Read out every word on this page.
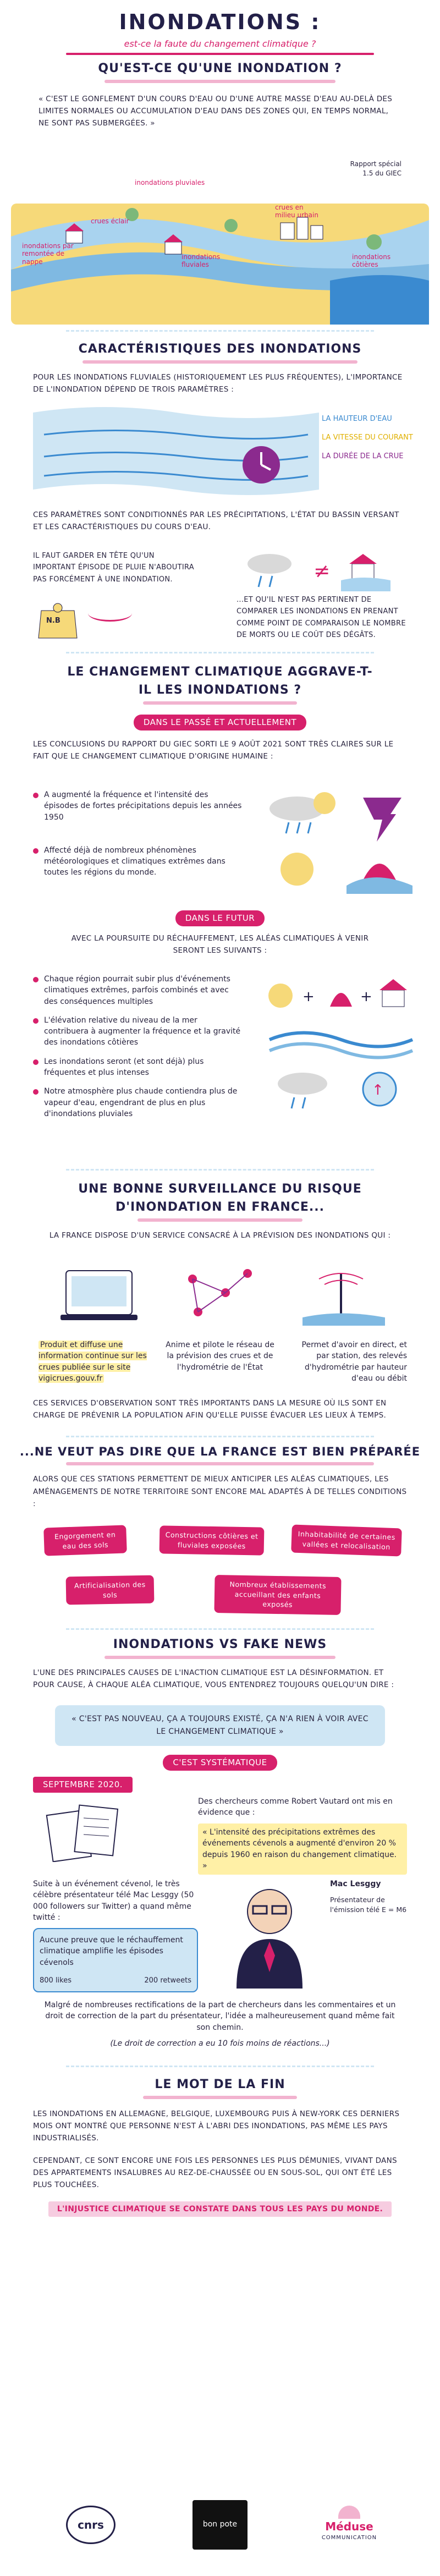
INONDATIONS :
est-ce la faute du changement climatique ?
QU'EST-CE QU'UNE INONDATION ?
« C'EST LE GONFLEMENT D'UN COURS D'EAU OU D'UNE AUTRE MASSE D'EAU AU-DELÀ DES LIMITES NORMALES OU ACCUMULATION D'EAU DANS DES ZONES QUI, EN TEMPS NORMAL, NE SONT PAS SUBMERGÉES. »
Rapport spécial 1.5 du GIEC
inondations pluviales
crues éclair
crues en milieu urbain
inondations par remontée de nappe
inondations fluviales
inondations côtières
CARACTÉRISTIQUES DES INONDATIONS
POUR LES INONDATIONS FLUVIALES (HISTORIQUEMENT LES PLUS FRÉQUENTES), L'IMPORTANCE DE L'INONDATION DÉPEND DE TROIS PARAMÈTRES :
LA HAUTEUR D'EAU
LA VITESSE DU COURANT
LA DURÉE DE LA CRUE
CES PARAMÈTRES SONT CONDITIONNÉS PAR LES PRÉCIPITATIONS, L'ÉTAT DU BASSIN VERSANT ET LES CARACTÉRISTIQUES DU COURS D'EAU.
IL FAUT GARDER EN TÊTE QU'UN IMPORTANT ÉPISODE DE PLUIE N'ABOUTIRA PAS FORCÉMENT À UNE INONDATION.	≠
N.B
...ET QU'IL N'EST PAS PERTINENT DE COMPARER LES INONDATIONS EN PRENANT COMME POINT DE COMPARAISON LE NOMBRE DE MORTS OU LE COÛT DES DÉGÂTS.
LE CHANGEMENT CLIMATIQUE AGGRAVE-T-IL LES INONDATIONS ?
DANS LE PASSÉ ET ACTUELLEMENT
LES CONCLUSIONS DU RAPPORT DU GIEC SORTI LE 9 AOÛT 2021 SONT TRÈS CLAIRES SUR LE FAIT QUE LE CHANGEMENT CLIMATIQUE D'ORIGINE HUMAINE :
A augmenté la fréquence et l'intensité des épisodes de fortes précipitations depuis les années 1950
Affecté déjà de nombreux phénomènes météorologiques et climatiques extrêmes dans toutes les régions du monde.
DANS LE FUTUR
AVEC LA POURSUITE DU RÉCHAUFFEMENT, LES ALÉAS CLIMATIQUES À VENIR SERONT LES SUIVANTS :
Chaque région pourrait subir plus d'événements climatiques extrêmes, parfois combinés et avec des conséquences multiples
L'élévation relative du niveau de la mer contribuera à augmenter la fréquence et la gravité des inondations côtières
Les inondations seront (et sont déjà) plus fréquentes et plus intenses
Notre atmosphère plus chaude contiendra plus de vapeur d'eau, engendrant de plus en plus d'inondations pluviales
+	+
↑
UNE BONNE SURVEILLANCE DU RISQUE D'INONDATION EN FRANCE...
LA FRANCE DISPOSE D'UN SERVICE CONSACRÉ À LA PRÉVISION DES INONDATIONS QUI :
Produit et diffuse une information continue sur les crues publiée sur le site vigicrues.gouv.fr
Anime et pilote le réseau de la prévision des crues et de l'hydrométrie de l'État
Permet d'avoir en direct, et par station, des relevés d'hydrométrie par hauteur d'eau ou débit
CES SERVICES D'OBSERVATION SONT TRÈS IMPORTANTS DANS LA MESURE OÙ ILS SONT EN CHARGE DE PRÉVENIR LA POPULATION AFIN QU'ELLE PUISSE ÉVACUER LES LIEUX À TEMPS.
...NE VEUT PAS DIRE QUE LA FRANCE EST BIEN PRÉPARÉE
ALORS QUE CES STATIONS PERMETTENT DE MIEUX ANTICIPER LES ALÉAS CLIMATIQUES, LES AMÉNAGEMENTS DE NOTRE TERRITOIRE SONT ENCORE MAL ADAPTÉS À DE TELLES CONDITIONS :
Engorgement en eau des sols
Constructions côtières et fluviales exposées
Inhabitabilité de certaines vallées et relocalisation
Artificialisation des sols
Nombreux établissements accueillant des enfants exposés
INONDATIONS VS FAKE NEWS
L'UNE DES PRINCIPALES CAUSES DE L'INACTION CLIMATIQUE EST LA DÉSINFORMATION. ET POUR CAUSE, À CHAQUE ALÉA CLIMATIQUE, VOUS ENTENDREZ TOUJOURS QUELQU'UN DIRE :
« C'EST PAS NOUVEAU, ÇA A TOUJOURS EXISTÉ, ÇA N'A RIEN À VOIR AVEC LE CHANGEMENT CLIMATIQUE »
C'EST SYSTÉMATIQUE
SEPTEMBRE 2020.
Des chercheurs comme Robert Vautard ont mis en évidence que :
« L'intensité des précipitations extrêmes des événements cévenols a augmenté d'environ 20 % depuis 1960 en raison du changement climatique. »
Suite à un événement cévenol, le très célèbre présentateur télé Mac Lesggy (50 000 followers sur Twitter) a quand même twitté :
Aucune preuve que le réchauffement climatique amplifie les épisodes cévenols
800 likes	200 retweets
Mac Lesggy
Présentateur de l'émission télé E = M6
Malgré de nombreuses rectifications de la part de chercheurs dans les commentaires et un droit de correction de la part du présentateur, l'idée a malheureusement quand même fait son chemin.
(Le droit de correction a eu 10 fois moins de réactions...)
LE MOT DE LA FIN
LES INONDATIONS EN ALLEMAGNE, BELGIQUE, LUXEMBOURG PUIS À NEW-YORK CES DERNIERS MOIS ONT MONTRÉ QUE PERSONNE N'EST À L'ABRI DES INONDATIONS, PAS MÊME LES PAYS INDUSTRIALISÉS.
CEPENDANT, CE SONT ENCORE UNE FOIS LES PERSONNES LES PLUS DÉMUNIES, VIVANT DANS DES APPARTEMENTS INSALUBRES AU REZ-DE-CHAUSSÉE OU EN SOUS-SOL, QUI ONT ÉTÉ LES PLUS TOUCHÉES.
L'INJUSTICE CLIMATIQUE SE CONSTATE DANS TOUS LES PAYS DU MONDE.
cnrs	bon pote	Méduse
COMMUNICATION
